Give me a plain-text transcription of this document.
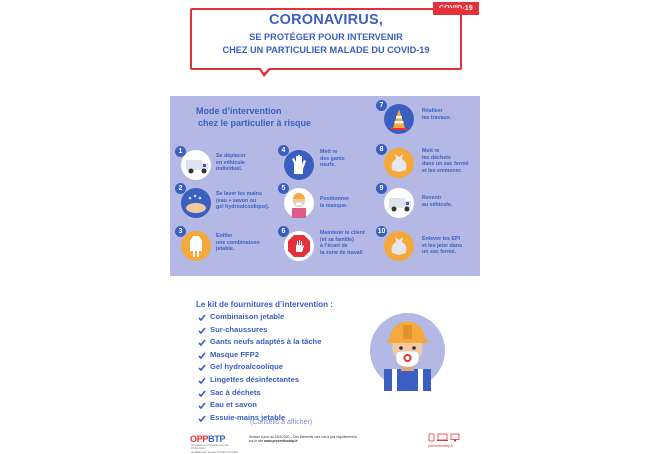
COVID-19
CORONAVIRUS,
SE PROTÉGER POUR INTERVENIR
CHEZ UN PARTICULIER MALADE DU COVID-19
Mode d’intervention
chez le particulier à risque
1
Se déplacer
en véhicule
individuel.
2
Se laver les mains
(eau + savon ou
gel hydroalcoolique).
3
Enfiler
une combinaison
jetable.
4	Mett re
des gants
neufs.
5
Positionner
le masque.
6	Maintenir le client
(et sa famille)
à l’écart de
la zone de travail
7
Réaliser
les travaux.
8	Mett re
les déchets
dans un sac fermé
et les emmener.
9
Revenir
au véhicule.
10
Enlever les EPI
et les jeter dans
un sac fermé.
Le kit de fournitures d’intervention :
Combinaison jetable
Sur-chaussures
Gants neufs adaptés à la tâche
Masque FFP2
Gel hydroalcoolique
Lingettes désinfectantes
Sac à déchets
Eau et savon
Essuie-mains jetable
(Conseils à afficher)
OPPBTP
Organisme Professionnel de Prévention
du Bâtiment et des Travaux Publics
Version à jour au 2/04/2020 – Des éléments sont mis à jour régulièrement
sur le site www.preventionbtp.fr
preventionbtp.fr
